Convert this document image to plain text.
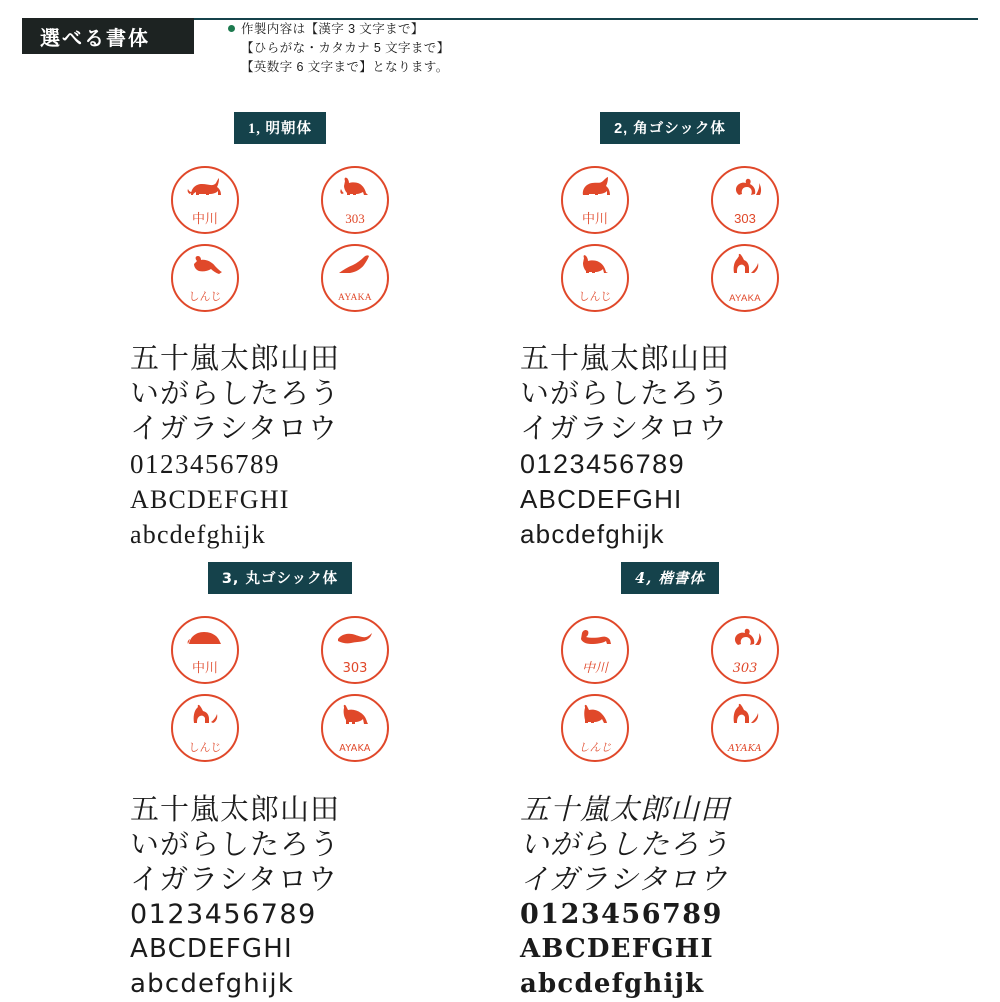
選べる書体	作製内容は【漢字 3 文字まで】
【ひらがな・カタカナ 5 文字まで】
【英数字 6 文字まで】となります。
1, 明朝体
中川	303
しんじ	AYAKA
五十嵐太郎山田
いがらしたろう
イガラシタロウ
0123456789
ABCDEFGHI
abcdefghijk
2, 角ゴシック体
中川	303
しんじ	AYAKA
五十嵐太郎山田
いがらしたろう
イガラシタロウ
0123456789
ABCDEFGHI
abcdefghijk
3, 丸ゴシック体
中川	303
しんじ	AYAKA
五十嵐太郎山田
いがらしたろう
イガラシタロウ
0123456789
ABCDEFGHI
abcdefghijk
4, 楷書体
中川	303
しんじ	AYAKA
五十嵐太郎山田
いがらしたろう
イガラシタロウ
0123456789
ABCDEFGHI
abcdefghijk
